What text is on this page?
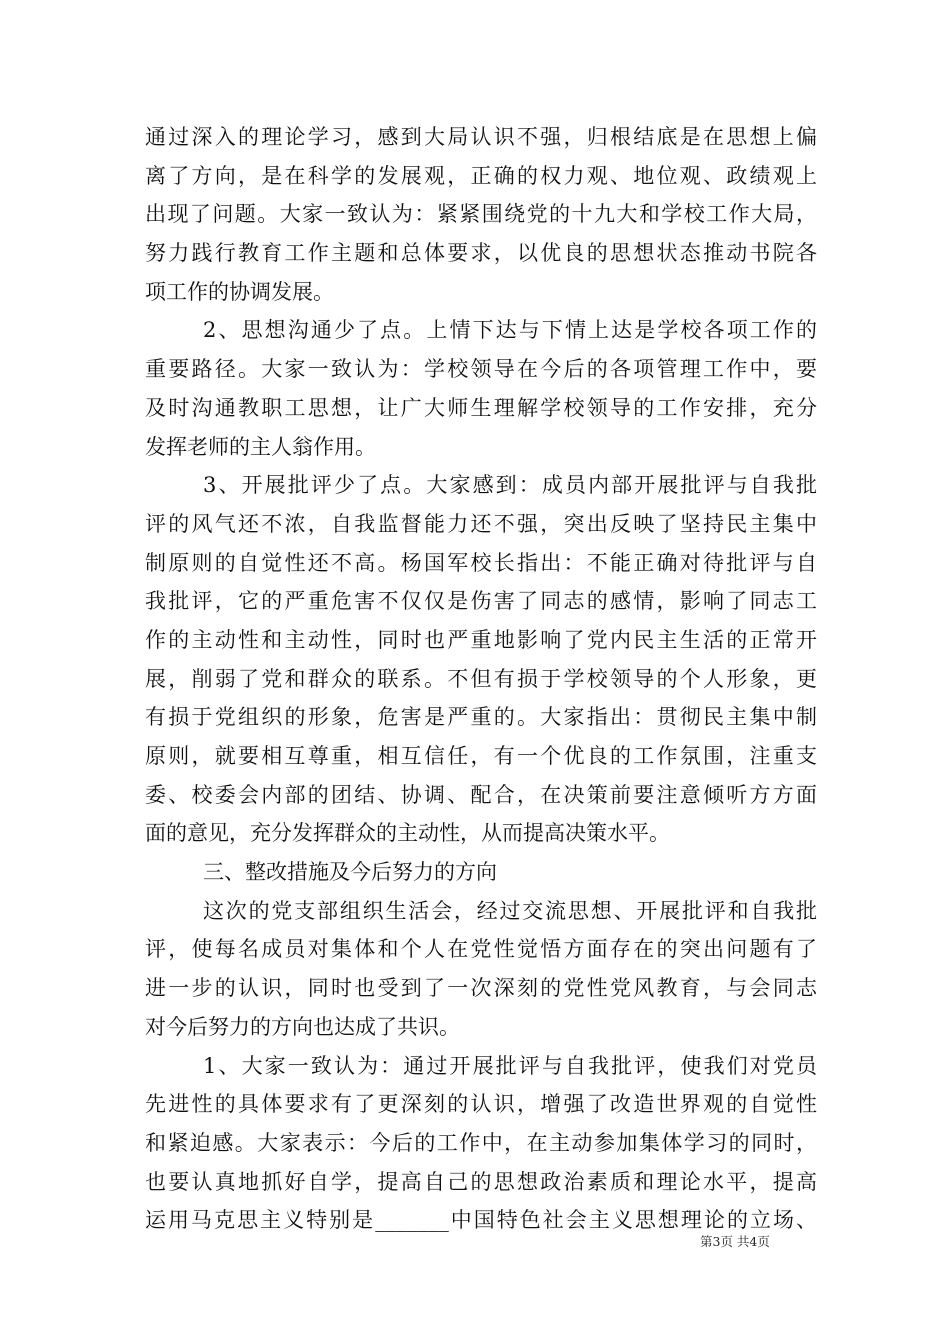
通过深入的理论学习，感到大局认识不强，归根结底是在思想上偏
离了方向，是在科学的发展观，正确的权力观、地位观、政绩观上
出现了问题。大家一致认为：紧紧围绕党的十九大和学校工作大局，
努力践行教育工作主题和总体要求，以优良的思想状态推动书院各
项工作的协调发展。
2、思想沟通少了点。上情下达与下情上达是学校各项工作的
重要路径。大家一致认为：学校领导在今后的各项管理工作中，要
及时沟通教职工思想，让广大师生理解学校领导的工作安排，充分
发挥老师的主人翁作用。
3、开展批评少了点。大家感到：成员内部开展批评与自我批
评的风气还不浓，自我监督能力还不强，突出反映了坚持民主集中
制原则的自觉性还不高。杨国军校长指出：不能正确对待批评与自
我批评，它的严重危害不仅仅是伤害了同志的感情，影响了同志工
作的主动性和主动性，同时也严重地影响了党内民主生活的正常开
展，削弱了党和群众的联系。不但有损于学校领导的个人形象，更
有损于党组织的形象，危害是严重的。大家指出：贯彻民主集中制
原则，就要相互尊重，相互信任，有一个优良的工作氛围，注重支
委、校委会内部的团结、协调、配合，在决策前要注意倾听方方面
面的意见，充分发挥群众的主动性，从而提高决策水平。
三、整改措施及今后努力的方向
这次的党支部组织生活会，经过交流思想、开展批评和自我批
评，使每名成员对集体和个人在党性觉悟方面存在的突出问题有了
进一步的认识，同时也受到了一次深刻的党性党风教育，与会同志
对今后努力的方向也达成了共识。
1、大家一致认为：通过开展批评与自我批评，使我们对党员
先进性的具体要求有了更深刻的认识，增强了改造世界观的自觉性
和紧迫感。大家表示：今后的工作中，在主动参加集体学习的同时，
也要认真地抓好自学，提高自己的思想政治素质和理论水平，提高
运用马克思主义特别是_______中国特色社会主义思想理论的立场、
第3页 共4页
